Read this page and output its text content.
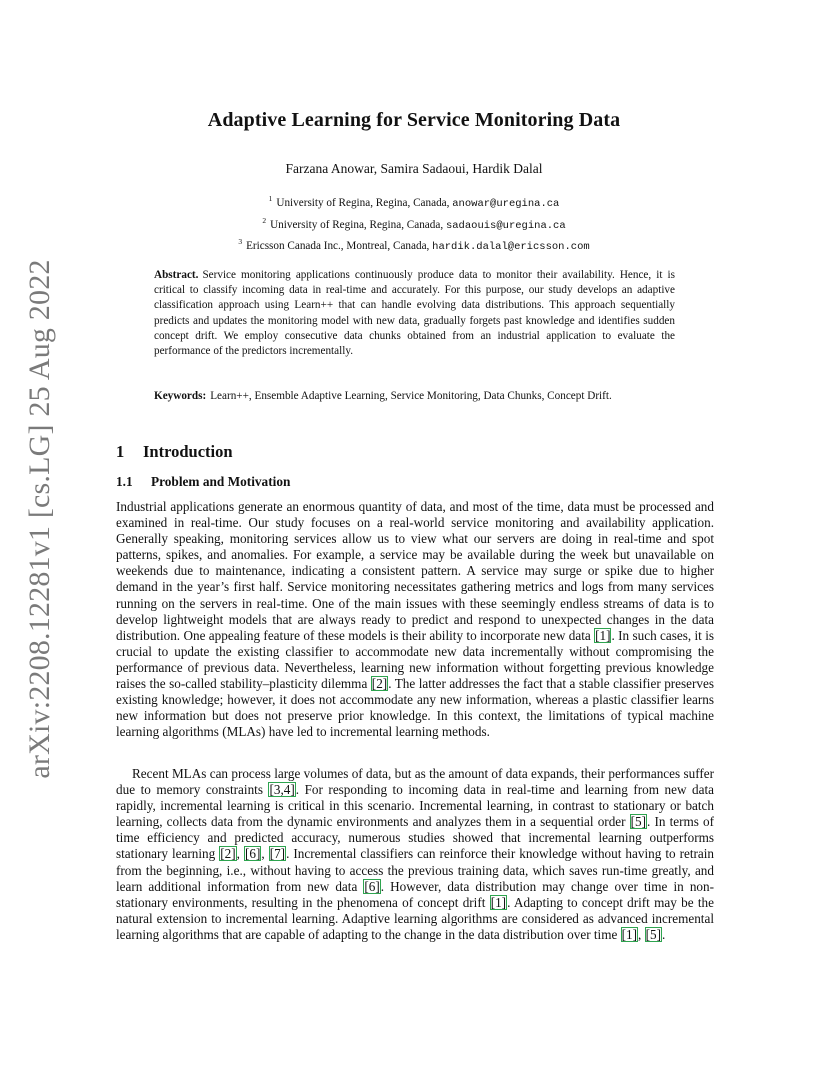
arXiv:2208.12281v1 [cs.LG] 25 Aug 2022
Adaptive Learning for Service Monitoring Data
Farzana Anowar, Samira Sadaoui, Hardik Dalal
$^1$ University of Regina, Regina, Canada, anowar@uregina.ca
$^2$ University of Regina, Regina, Canada, sadaouis@uregina.ca
$^3$ Ericsson Canada Inc., Montreal, Canada, hardik.dalal@ericsson.com
Abstract. Service monitoring applications continuously produce data to monitor their availability. Hence, it is critical to classify incoming data in real-time and accurately. For this purpose, our study develops an adaptive classification approach using Learn++ that can handle evolving data distributions. This approach sequentially predicts and updates the monitoring model with new data, gradually forgets past knowledge and identifies sudden concept drift. We employ consecutive data chunks obtained from an industrial application to evaluate the performance of the predictors incrementally.
Keywords: Learn++, Ensemble Adaptive Learning, Service Monitoring, Data Chunks, Concept Drift.
1 Introduction
1.1 Problem and Motivation
Industrial applications generate an enormous quantity of data, and most of the time, data must be processed and examined in real-time. Our study focuses on a real-world service monitoring and availability application. Generally speaking, monitoring services allow us to view what our servers are doing in real-time and spot patterns, spikes, and anomalies. For example, a service may be available during the week but unavailable on weekends due to maintenance, indicating a consistent pattern. A service may surge or spike due to higher demand in the year’s first half. Service monitoring necessitates gathering metrics and logs from many services running on the servers in real-time. One of the main issues with these seemingly endless streams of data is to develop lightweight models that are always ready to predict and respond to unexpected changes in the data distribution. One appealing feature of these models is their ability to incorporate new data [1]. In such cases, it is crucial to update the existing classifier to accommodate new data incrementally without compromising the performance of previous data. Nevertheless, learning new information without forgetting previous knowledge raises the so-called stability–plasticity dilemma [2]. The latter addresses the fact that a stable classifier preserves existing knowledge; however, it does not accommodate any new information, whereas a plastic classifier learns new information but does not preserve prior knowledge. In this context, the limitations of typical machine learning algorithms (MLAs) have led to incremental learning methods.
Recent MLAs can process large volumes of data, but as the amount of data expands, their performances suffer due to memory constraints [3,4]. For responding to incoming data in real-time and learning from new data rapidly, incremental learning is critical in this scenario. Incremental learning, in contrast to stationary or batch learning, collects data from the dynamic environments and analyzes them in a sequential order [5]. In terms of time efficiency and predicted accuracy, numerous studies showed that incremental learning outperforms stationary learning [2], [6], [7]. Incremental classifiers can reinforce their knowledge without having to retrain from the beginning, i.e., without having to access the previous training data, which saves run-time greatly, and learn additional information from new data [6]. However, data distribution may change over time in non-stationary environments, resulting in the phenomena of concept drift [1]. Adapting to concept drift may be the natural extension to incremental learning. Adaptive learning algorithms are considered as advanced incremental learning algorithms that are capable of adapting to the change in the data distribution over time [1], [5].
